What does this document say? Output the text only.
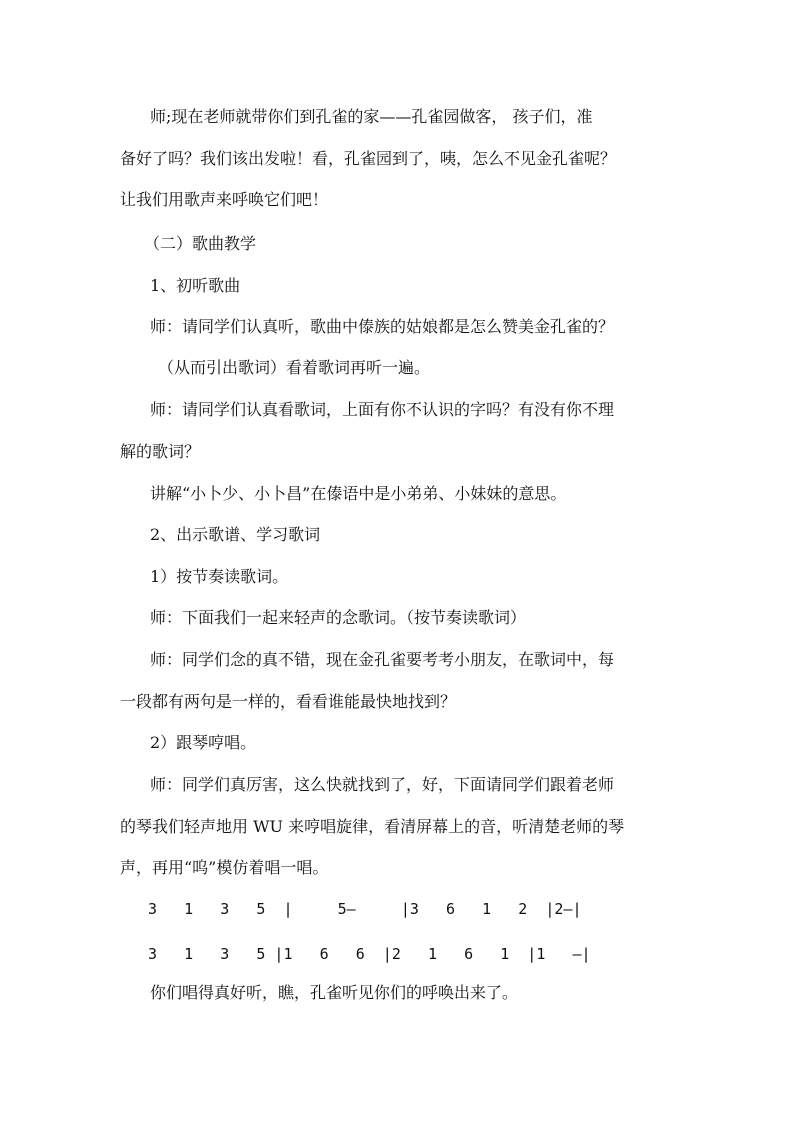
师;现在老师就带你们到孔雀的家——孔雀园做客， 孩子们，准
备好了吗？我们该出发啦！看，孔雀园到了，咦，怎么不见金孔雀呢？
让我们用歌声来呼唤它们吧！
（二）歌曲教学
1、初听歌曲
师：请同学们认真听，歌曲中傣族的姑娘都是怎么赞美金孔雀的？
（从而引出歌词）看着歌词再听一遍。
师：请同学们认真看歌词，上面有你不认识的字吗？有没有你不理
解的歌词？
讲解“小卜少、小卜昌”在傣语中是小弟弟、小妹妹的意思。
2、出示歌谱、学习歌词
1）按节奏读歌词。
师：下面我们一起来轻声的念歌词。（按节奏读歌词）
师：同学们念的真不错，现在金孔雀要考考小朋友，在歌词中，每
一段都有两句是一样的，看看谁能最快地找到？
2）跟琴哼唱。
师：同学们真厉害，这么快就找到了，好，下面请同学们跟着老师
的琴我们轻声地用 WU 来哼唱旋律，看清屏幕上的音，听清楚老师的琴
声，再用“呜”模仿着唱一唱。
3   1   3   5  |     5—     |3   6   1   2  |2—|
3   1   3   5 |1   6   6  |2   1   6   1  |1   —|
你们唱得真好听，瞧，孔雀听见你们的呼唤出来了。
